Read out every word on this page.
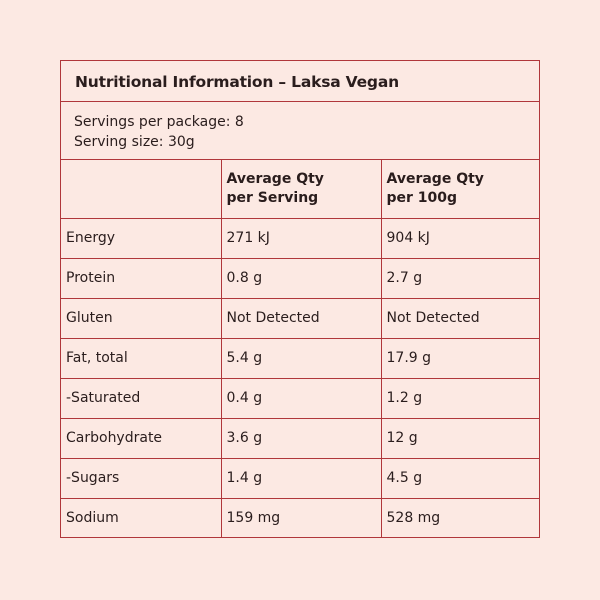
Nutritional Information – Laksa Vegan
Servings per package: 8
Serving size: 30g

	Average Qty
per Serving	Average Qty
per 100g

Energy	271 kJ	904 kJ
Protein	0.8 g	2.7 g
Gluten	Not Detected	Not Detected
Fat, total	5.4 g	17.9 g
-Saturated	0.4 g	1.2 g
Carbohydrate	3.6 g	12 g
-Sugars	1.4 g	4.5 g
Sodium	159 mg	528 mg
